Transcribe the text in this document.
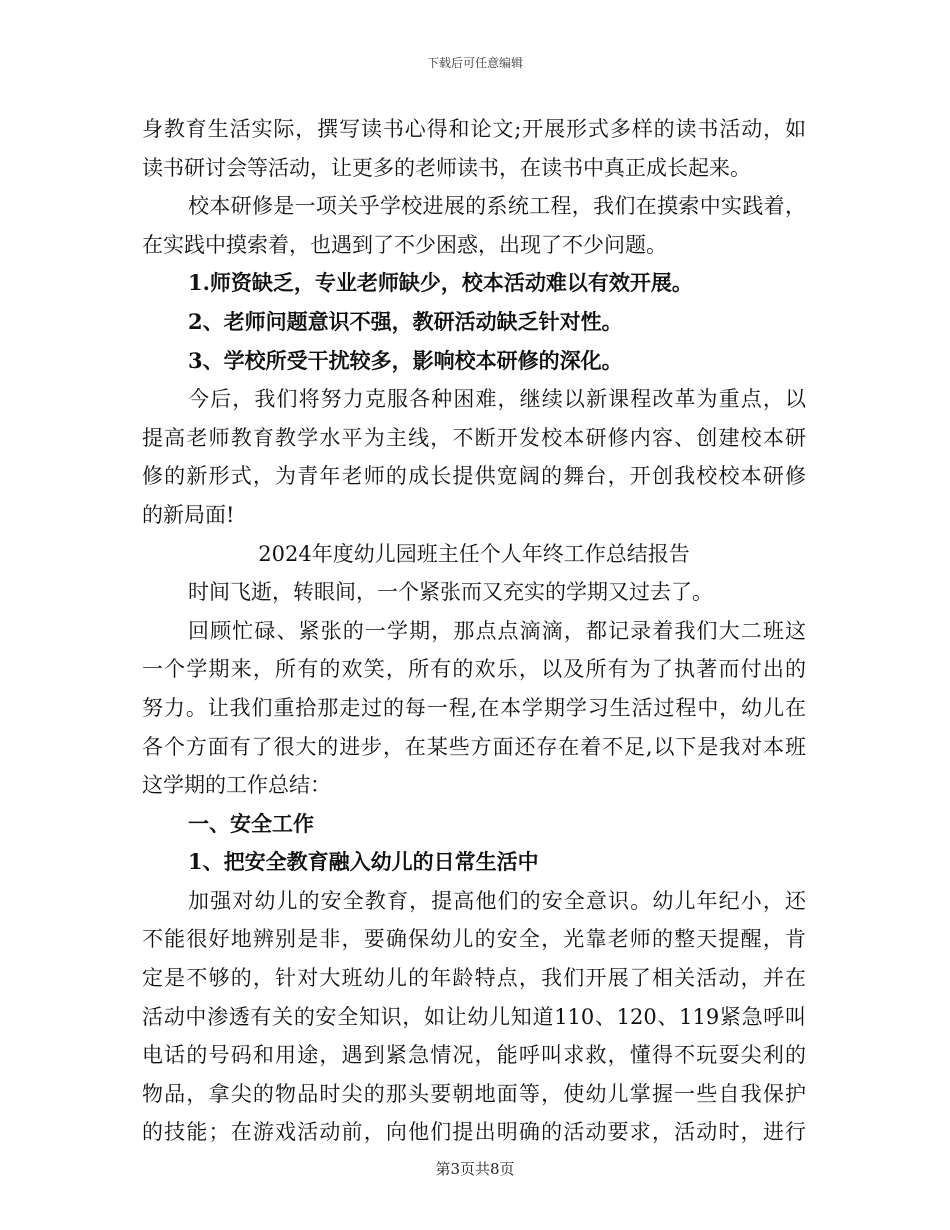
下载后可任意编辑
身教育生活实际，撰写读书心得和论文;开展形式多样的读书活动，如
读书研讨会等活动，让更多的老师读书，在读书中真正成长起来。
校本研修是一项关乎学校进展的系统工程，我们在摸索中实践着，
在实践中摸索着，也遇到了不少困惑，出现了不少问题。
1.师资缺乏，专业老师缺少，校本活动难以有效开展。
2、老师问题意识不强，教研活动缺乏针对性。
3、学校所受干扰较多，影响校本研修的深化。
今后，我们将努力克服各种困难，继续以新课程改革为重点，以
提高老师教育教学水平为主线，不断开发校本研修内容、创建校本研
修的新形式，为青年老师的成长提供宽阔的舞台，开创我校校本研修
的新局面!
2024年度幼儿园班主任个人年终工作总结报告
时间飞逝，转眼间，一个紧张而又充实的学期又过去了。
回顾忙碌、紧张的一学期，那点点滴滴，都记录着我们大二班这
一个学期来，所有的欢笑，所有的欢乐，以及所有为了执著而付出的
努力。让我们重拾那走过的每一程,在本学期学习生活过程中，幼儿在
各个方面有了很大的进步，在某些方面还存在着不足,以下是我对本班
这学期的工作总结：
一、安全工作
1、把安全教育融入幼儿的日常生活中
加强对幼儿的安全教育，提高他们的安全意识。幼儿年纪小，还
不能很好地辨别是非，要确保幼儿的安全，光靠老师的整天提醒，肯
定是不够的，针对大班幼儿的年龄特点，我们开展了相关活动，并在
活动中渗透有关的安全知识，如让幼儿知道110、120、119紧急呼叫
电话的号码和用途，遇到紧急情况，能呼叫求救，懂得不玩耍尖利的
物品，拿尖的物品时尖的那头要朝地面等，使幼儿掌握一些自我保护
的技能；在游戏活动前，向他们提出明确的活动要求，活动时，进行
第3页共8页
